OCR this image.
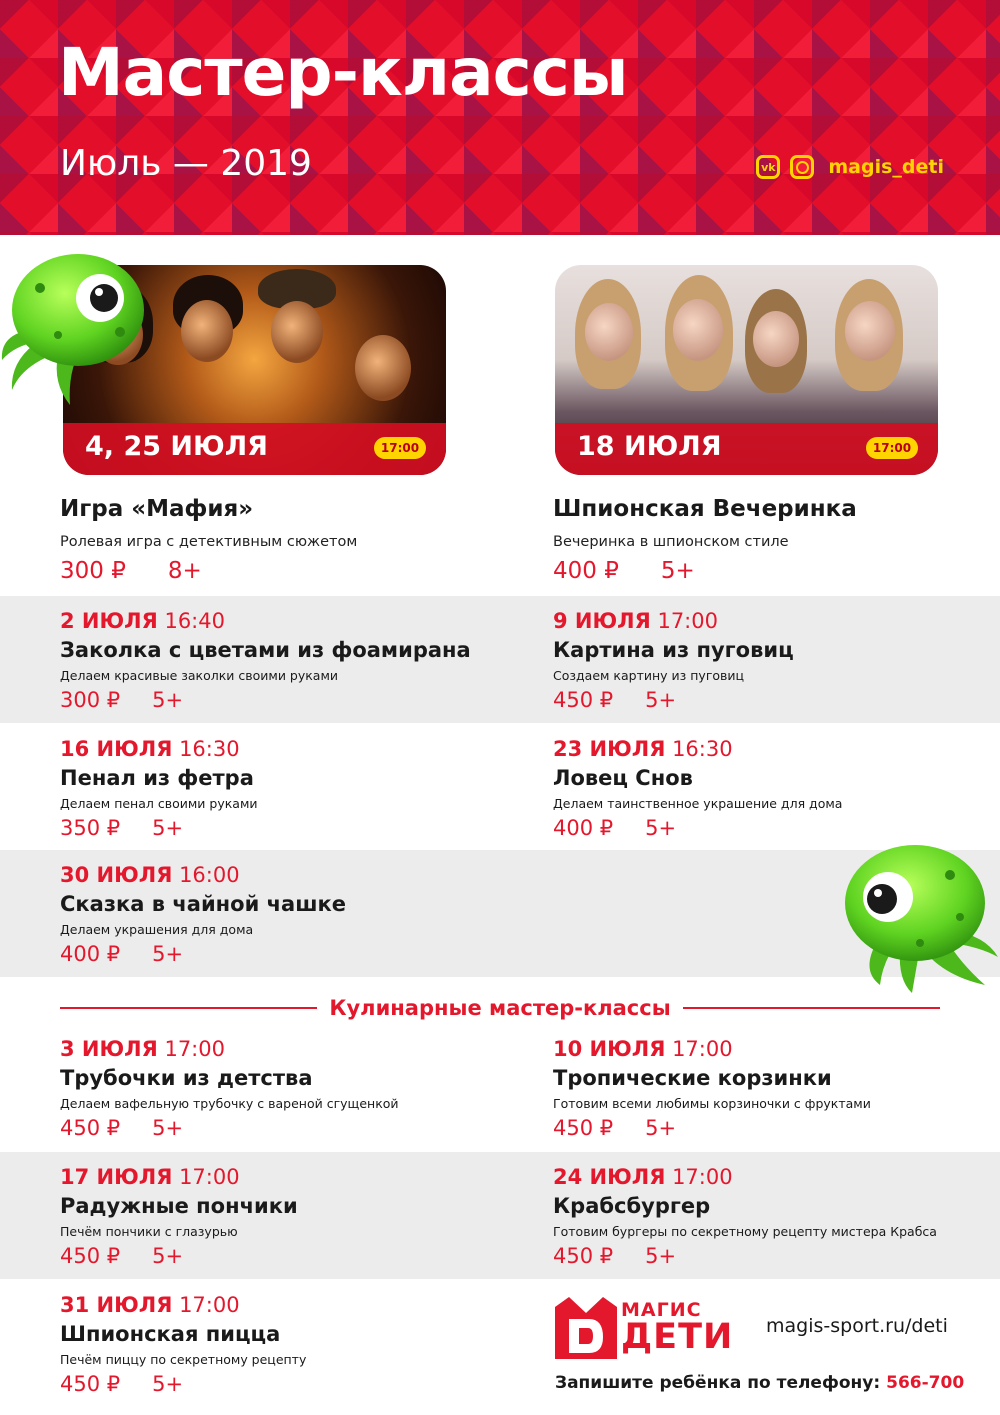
Мастер-классы
Июль — 2019	vk	magis_deti
4, 25 ИЮЛЯ	17:00
Игра «Мафия»
Ролевая игра с детективным сюжетом
300 ₽ 8+
18 ИЮЛЯ	17:00
Шпионская Вечеринка
Вечеринка в шпионском стиле
400 ₽ 5+
2 ИЮЛЯ 16:40
Заколка с цветами из фоамирана
Делаем красивые заколки своими руками
300 ₽ 5+
9 ИЮЛЯ 17:00
Картина из пуговиц
Создаем картину из пуговиц
450 ₽ 5+
16 ИЮЛЯ 16:30
Пенал из фетра
Делаем пенал своими руками
350 ₽ 5+
23 ИЮЛЯ 16:30
Ловец Снов
Делаем таинственное украшение для дома
400 ₽ 5+
30 ИЮЛЯ 16:00
Сказка в чайной чашке
Делаем украшения для дома
400 ₽ 5+
Кулинарные мастер-классы
3 ИЮЛЯ 17:00
Трубочки из детства
Делаем вафельную трубочку с вареной сгущенкой
450 ₽ 5+
10 ИЮЛЯ 17:00
Тропические корзинки
Готовим всеми любимы корзиночки с фруктами
450 ₽ 5+
17 ИЮЛЯ 17:00
Радужные пончики
Печём пончики с глазурью
450 ₽ 5+
24 ИЮЛЯ 17:00
Крабсбургер
Готовим бургеры по секретному рецепту мистера Крабса
450 ₽ 5+
31 ИЮЛЯ 17:00
Шпионская пицца
Печём пиццу по секретному рецепту
450 ₽ 5+
МАГИС
ДЕТИ magis-sport.ru/deti
Запишите ребёнка по телефону: 566-700
